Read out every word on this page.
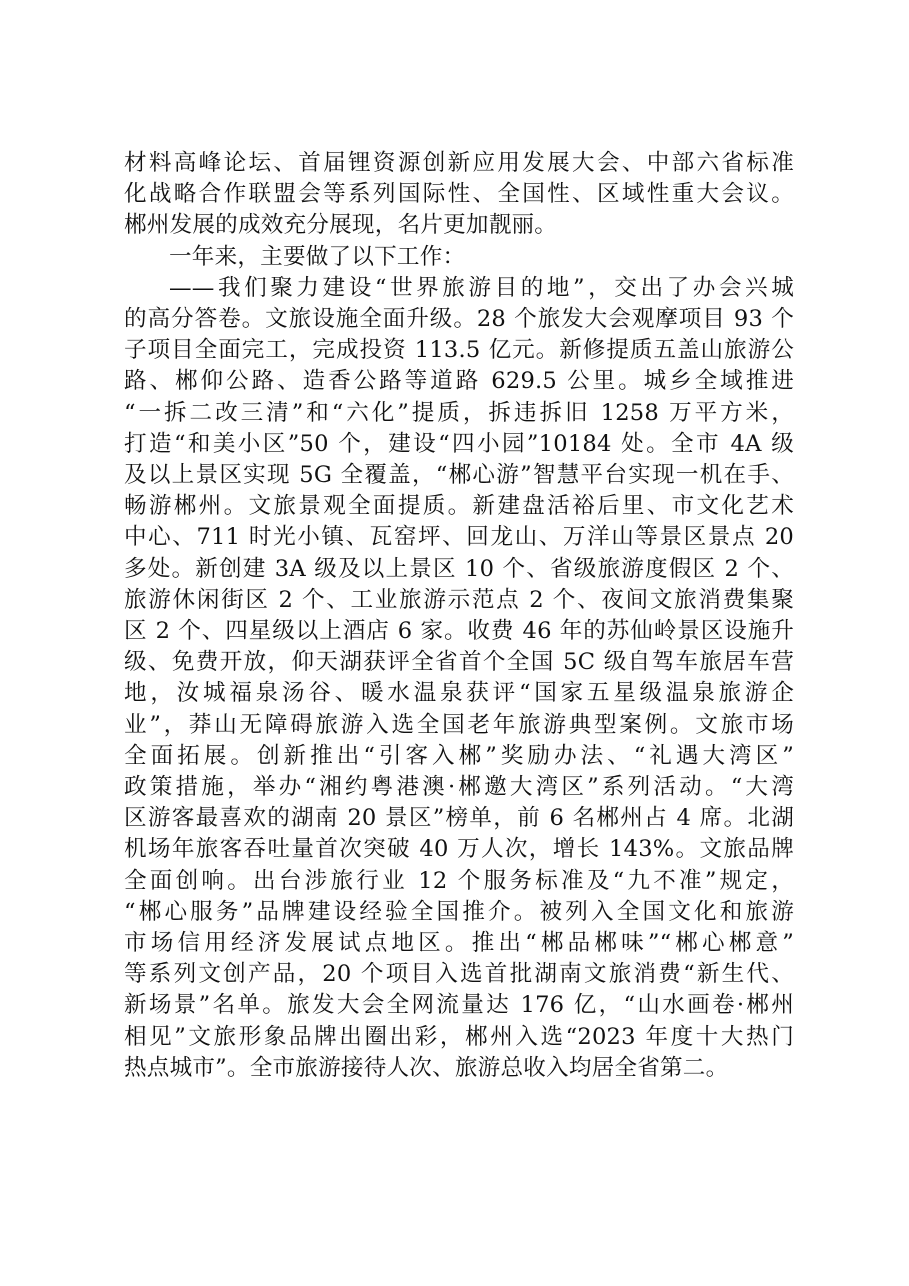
材料高峰论坛、首届锂资源创新应用发展大会、中部六省标准
化战略合作联盟会等系列国际性、全国性、区域性重大会议。
郴州发展的成效充分展现，名片更加靓丽。

一年来，主要做了以下工作：

——我们聚力建设“世界旅游目的地”，交出了办会兴城
的高分答卷。文旅设施全面升级。28 个旅发大会观摩项目 93 个
子项目全面完工，完成投资 113.5 亿元。新修提质五盖山旅游公
路、郴仰公路、造香公路等道路 629.5 公里。城乡全域推进
“一拆二改三清”和“六化”提质，拆违拆旧 1258 万平方米，
打造“和美小区”50 个，建设“四小园”10184 处。全市 4A 级
及以上景区实现 5G 全覆盖，“郴心游”智慧平台实现一机在手、
畅游郴州。文旅景观全面提质。新建盘活裕后里、市文化艺术
中心、711 时光小镇、瓦窑坪、回龙山、万洋山等景区景点 20
多处。新创建 3A 级及以上景区 10 个、省级旅游度假区 2 个、
旅游休闲街区 2 个、工业旅游示范点 2 个、夜间文旅消费集聚
区 2 个、四星级以上酒店 6 家。收费 46 年的苏仙岭景区设施升
级、免费开放，仰天湖获评全省首个全国 5C 级自驾车旅居车营
地，汝城福泉汤谷、暖水温泉获评“国家五星级温泉旅游企
业”，莽山无障碍旅游入选全国老年旅游典型案例。文旅市场
全面拓展。创新推出“引客入郴”奖励办法、“礼遇大湾区”
政策措施，举办“湘约粤港澳·郴邀大湾区”系列活动。“大湾
区游客最喜欢的湖南 20 景区”榜单，前 6 名郴州占 4 席。北湖
机场年旅客吞吐量首次突破 40 万人次，增长 143%。文旅品牌
全面创响。出台涉旅行业 12 个服务标准及“九不准”规定，
“郴心服务”品牌建设经验全国推介。被列入全国文化和旅游
市场信用经济发展试点地区。推出“郴品郴味”“郴心郴意”
等系列文创产品，20 个项目入选首批湖南文旅消费“新生代、
新场景”名单。旅发大会全网流量达 176 亿，“山水画卷·郴州
相见”文旅形象品牌出圈出彩，郴州入选“2023 年度十大热门
热点城市”。全市旅游接待人次、旅游总收入均居全省第二。
